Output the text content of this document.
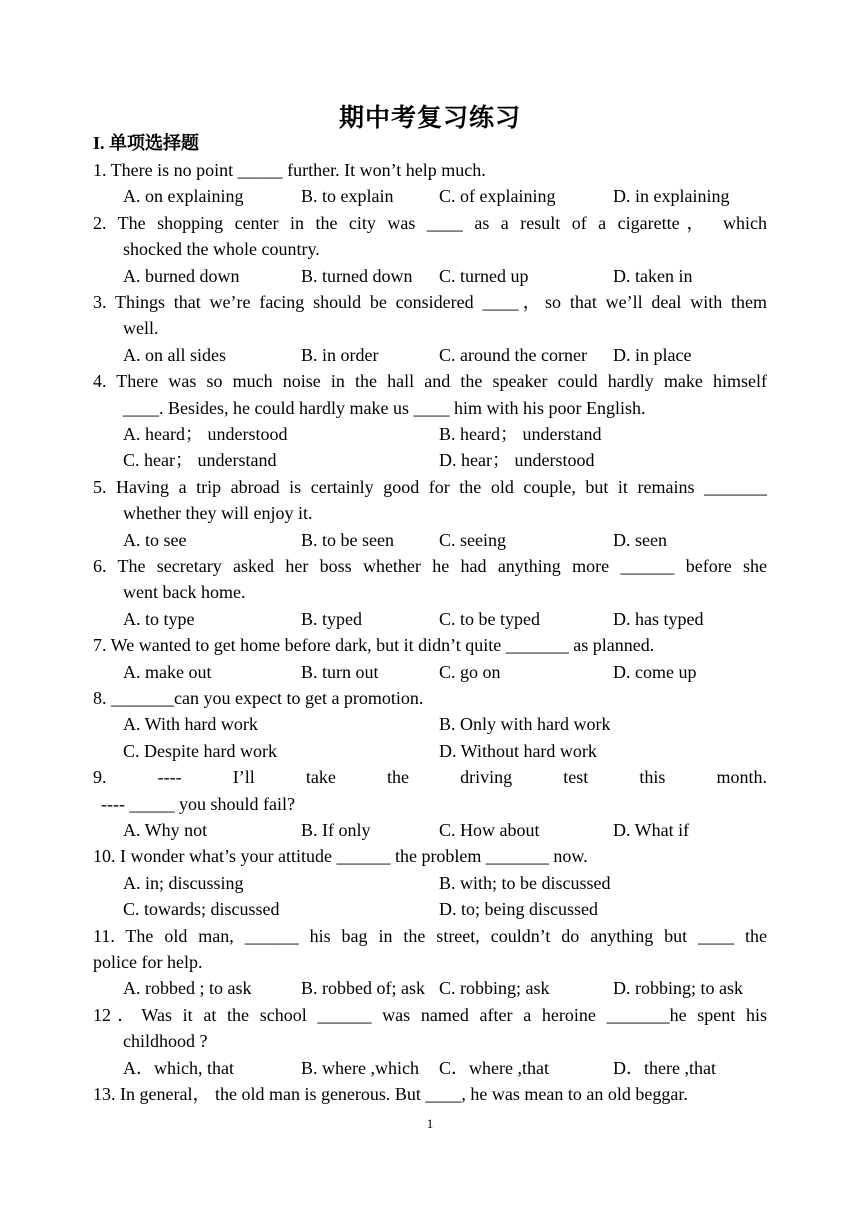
期中考复习练习
I. 单项选择题
1. There is no point _____ further. It won’t help much.
A. on explaining	B. to explain	C. of explaining	D. in explaining
2. The shopping center in the city was ____ as a result of a cigarette， which
shocked the whole country.
A. burned down	B. turned down C. turned up	D. taken in
3. Things that we’re facing should be considered ____，so that we’ll deal with them
well.
A. on all sides	B. in order	C. around the corner D. in place
4. There was so much noise in the hall and the speaker could hardly make himself
____. Besides, he could hardly make us ____ him with his poor English.
A. heard； understood	B. heard； understand
C. hear； understand	D. hear； understood
5. Having a trip abroad is certainly good for the old couple, but it remains _______
whether they will enjoy it.
A. to see	B. to be seen	C. seeing	D. seen
6. The secretary asked her boss whether he had anything more ______ before she
went back home.
A. to type	B. typed	C. to be typed	D. has typed
7. We wanted to get home before dark, but it didn’t quite _______ as planned.
A. make out	B. turn out	C. go on	D. come up
8. _______can you expect to get a promotion.
A. With hard work	B. Only with hard work
C. Despite hard work	D. Without hard work
9. ---- I’ll take the driving test this month.
---- _____ you should fail?
A. Why not	B. If only	C. How about	D. What if
10. I wonder what’s your attitude ______ the problem _______ now.
A. in; discussing	B. with; to be discussed
C. towards; discussed	D. to; being discussed
11. The old man, ______ his bag in the street, couldn’t do anything but ____ the
police for help.
A. robbed ; to ask	B. robbed of; ask C. robbing; ask	D. robbing; to ask
12．Was it at the school ______ was named after a heroine _______he spent his
childhood ?
A．which, that	B. where ,which C．where ,that	D．there ,that
13. In general， the old man is generous. But ____, he was mean to an old beggar.
1
